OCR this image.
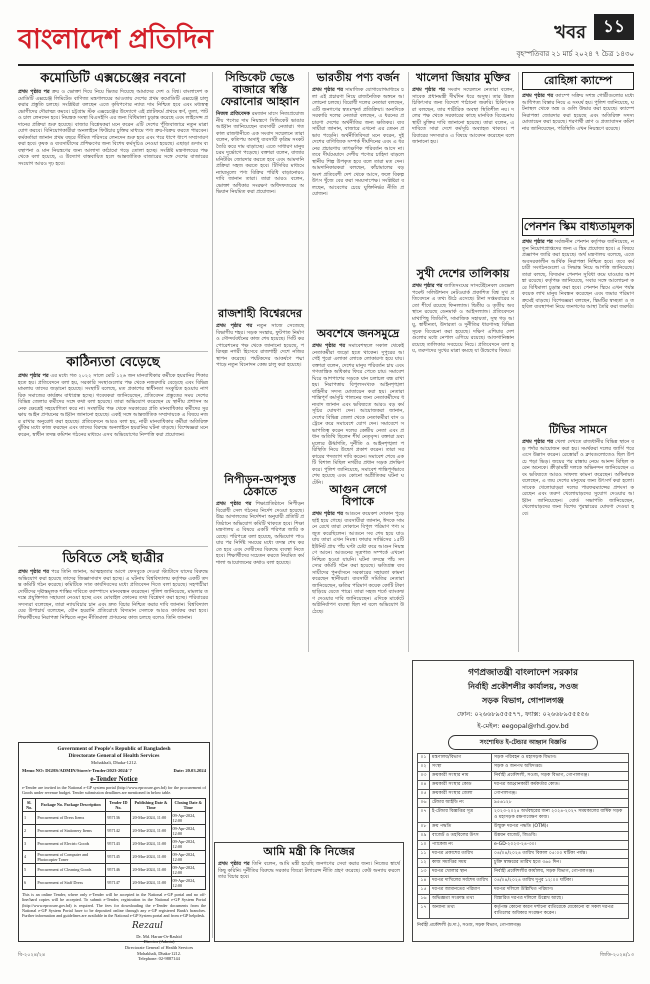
বাংলাদেশ প্রতিদিন	খবর ১১
বৃহস্পতিবার ২১ মার্চ ২০২৪ ৭ চৈত্র ১৪৩০
কমোডিটি এক্সচেঞ্জের নবনো
প্রথম পৃষ্ঠার পর ক্রয় ও ভোক্তা দিয়ে নিয়ে ভিতর দিয়েছে আমাদের দেশ ও বিশ্ব। বাংলাদেশ কমোডিটি এক্সচেঞ্জ লিমিটেড বাণিজ্য মন্ত্রণালয়ের আওতায় দেশের প্রথম কমোডিটি এক্সচেঞ্জ চালু করার প্রস্তুতি চলছে। সংশ্লিষ্টরা বলছেন এতে কৃষিপণ্যের ন্যায্য দাম নিশ্চিত হবে এবং মধ্যস্বত্বভোগীদের দৌরাত্ম্য কমবে। চট্টগ্রাম স্টক এক্সচেঞ্জের উদ্যোগে এই প্ল্যাটফর্মে প্রথমে স্বর্ণ, তুলা, পাট ও চাল লেনদেন হবে। নিয়ন্ত্রক সংস্থা বিএসইসি এর জন্য বিধিমালা চূড়ান্ত করেছে এবং লাইসেন্স প্রদানের প্রক্রিয়া শুরু হয়েছে। বাজার বিশ্লেষকরা মনে করেন এটি দেশের পুঁজিবাজারে নতুন মাত্রা যোগ করবে। বিনিয়োগকারীরা অনলাইনে ফিউচার চুক্তির মাধ্যমে পণ্য ক্রয়-বিক্রয় করতে পারবেন। কর্মকর্তারা জানান প্রথম বছরে সীমিত পরিসরে লেনদেন শুরু হবে এবং পরে ধাপে ধাপে সম্প্রসারণ করা হবে। কৃষক ও ব্যবসায়ীদের প্রশিক্ষণের জন্য বিশেষ কর্মসূচিও নেওয়া হয়েছে। এছাড়া গুদাম ব্যবস্থাপনা ও মান নিয়ন্ত্রণের জন্য আলাদা কাঠামো গড়ে তোলা হচ্ছে। সংশ্লিষ্ট মন্ত্রণালয়ের পক্ষ থেকে বলা হয়েছে, এ উদ্যোগ বাস্তবায়িত হলে আন্তর্জাতিক বাজারের সঙ্গে দেশের বাজারের সংযোগ আরও দৃঢ় হবে।
কাঠিন্যতা বেড়েছে
প্রথম পৃষ্ঠার পর এর মধ্যে গত ২০২২ সালে মোট ১২৬ জন মানবাধিকার কর্মীকে হয়রানির শিকার হতে হয়। প্রতিবেদনে বলা হয়, সরকারি সংস্থাগুলোর পক্ষ থেকে নজরদারি বেড়েছে এবং বিভিন্ন মামলায় তাদের জড়ানো হয়েছে। সংস্থাটি বলেছে, মত প্রকাশের স্বাধীনতা সংকুচিত হওয়ায় নাগরিক সমাজের কার্যক্রম বাধাগ্রস্ত হচ্ছে। গবেষকরা জানিয়েছেন, প্রতিবেদন প্রস্তুতের সময় দেশের বিভিন্ন জেলার কর্মীদের সঙ্গে কথা বলা হয়েছে। তারা অভিযোগ করেছেন যে স্থানীয় প্রশাসন অনেক ক্ষেত্রেই সহযোগিতা করে না। সংস্থাটির পক্ষ থেকে সরকারের প্রতি মানবাধিকার কর্মীদের সুরক্ষায় আইন প্রণয়নের আহ্বান জানানো হয়েছে। একই সঙ্গে আন্তর্জাতিক সম্প্রদায়কে এ বিষয়ে নজর রাখার অনুরোধ করা হয়েছে। প্রতিবেদনে আরও বলা হয়, নারী মানবাধিকার কর্মীরা অতিরিক্ত ঝুঁকির মধ্যে কাজ করছেন এবং তাদের বিরুদ্ধে অনলাইনে হয়রানির ঘটনা বাড়ছে। বিশেষজ্ঞরা মনে করেন, স্বাধীন তদন্ত কমিশন গঠনের মাধ্যমে এসব অভিযোগের নিষ্পত্তি করা প্রয়োজন।
ডিবিতে সেই ছাত্রীর
প্রথম পৃষ্ঠার পর পরে তিনি জানান, আত্মহত্যার আগে ফেসবুকে দেওয়া স্ট্যাটাসে যাদের বিরুদ্ধে অভিযোগ করা হয়েছে তাদের জিজ্ঞাসাবাদ করা হচ্ছে। এ ঘটনায় বিশ্ববিদ্যালয় কর্তৃপক্ষ একটি তদন্ত কমিটি গঠন করেছে। কমিটিকে সাত কার্যদিবসের মধ্যে প্রতিবেদন দিতে বলা হয়েছে। সহপাঠীরা দোষীদের দৃষ্টান্তমূলক শাস্তির দাবিতে ক্যাম্পাসে মানববন্ধন করেছেন। পুলিশ জানিয়েছে, মামলার তদন্তে প্রযুক্তিগত সহায়তা নেওয়া হচ্ছে এবং মোবাইল ফোনের তথ্য বিশ্লেষণ করা হচ্ছে। পরিবারের সদস্যরা বলেছেন, তারা ন্যায়বিচার চান এবং দ্রুত বিচার নিশ্চিত করার দাবি জানান। বিশ্ববিদ্যালয়ের উপাচার্য বলেছেন, যৌন হয়রানি প্রতিরোধে বিদ্যমান সেলকে আরও কার্যকর করা হবে। শিক্ষার্থীদের নিরাপত্তা নিশ্চিতে নতুন নীতিমালা প্রণয়নের কাজ চলছে বলেও তিনি জানান।
সিন্ডিকেট ভেঙে বাজারে স্বস্তি ফেরানোর আহ্বান
নিজস্ব প্রতিবেদক রমজান মাসে নিত্যপ্রয়োজনীয় পণ্যের দাম নিয়ন্ত্রণে সিন্ডিকেট ভাঙার আহ্বান জানিয়েছেন ব্যবসায়ী নেতারা। গতকাল রাজধানীতে এক সংবাদ সম্মেলনে তারা বলেন, কতিপয় অসাধু ব্যবসায়ী কৃত্রিম সংকট তৈরি করে দাম বাড়াচ্ছে। এতে সাধারণ মানুষ চরম দুর্ভোগে পড়েছে। বক্তারা বলেন, বাজার মনিটরিং জোরদার করতে হবে এবং আমদানি প্রক্রিয়া সহজ করতে হবে। টিসিবির মাধ্যমে ন্যায্যমূল্যে পণ্য বিক্রির পরিধি বাড়ানোরও দাবি জানান তারা। তারা আরও বলেন, ভোক্তা অধিকার সংরক্ষণ অধিদফতরের অভিযান নিয়মিত করা প্রয়োজন।
রাজশাহী বিশ্বেরদের
প্রথম পৃষ্ঠার পর নতুন সাজে সেজেছে বিভাগীয় শহর। সড়ক সংস্কার, ফুটপাত নির্মাণ ও সৌন্দর্যবর্ধনের কাজ শেষ হয়েছে। সিটি করপোরেশনের পক্ষ থেকে জানানো হয়েছে, পরিচ্ছন্ন নগরী হিসেবে রাজশাহী দেশে নজির স্থাপন করেছে। পর্যটকদের আকর্ষণে পদ্মা পাড়ে নতুন বিনোদন কেন্দ্র চালু করা হয়েছে।
নিপীড়ন-অপসুত্ত ঠেকাতে
প্রথম পৃষ্ঠার পর শিক্ষাপ্রতিষ্ঠানে নিপীড়নবিরোধী সেল গঠনের নির্দেশ দেওয়া হয়েছে। উচ্চ আদালতের নির্দেশনা অনুযায়ী প্রতিটি প্রতিষ্ঠানে অভিযোগ কমিটি থাকতে হবে। শিক্ষা মন্ত্রণালয় এ বিষয়ে একটি পরিপত্র জারি করেছে। পরিপত্রে বলা হয়েছে, অভিযোগ পাওয়ার পর নির্দিষ্ট সময়ের মধ্যে তদন্ত শেষ করতে হবে এবং দোষীদের বিরুদ্ধে ব্যবস্থা নিতে হবে। শিক্ষার্থীদের সচেতন করতে নিয়মিত কর্মশালা আয়োজনের কথাও বলা হয়েছে।
ভারতীয় পণ্য বর্জন
প্রথম পৃষ্ঠার পর সামাজিক যোগাযোগমাধ্যমে চলা এই প্রচারণা নিয়ে রাজনৈতিক অঙ্গনে আলোচনা চলছে। বিরোধী দলের নেতারা বলছেন, এটি জনগণের স্বতঃস্ফূর্ত প্রতিক্রিয়া। অন্যদিকে সরকারি দলের নেতারা বলছেন, এ ধরনের প্রচারণা দেশের অর্থনীতির জন্য ক্ষতিকর। ব্যবসায়ীরা জানান, বাজারে এখনো এর তেমন প্রভাব পড়েনি। অর্থনীতিবিদরা মনে করেন, দুই দেশের বাণিজ্যিক সম্পর্ক দীর্ঘদিনের এবং এ ধরনের প্রচারণায় তাৎক্ষণিক পরিবর্তন আসে না। তবে দীর্ঘমেয়াদে দেশীয় পণ্যের চাহিদা বাড়লে স্থানীয় শিল্প উপকৃত হবে বলে তারা মত দেন। আমদানিকারকরা বলছেন, কাঁচামালের বড় অংশ প্রতিবেশী দেশ থেকে আসে, ফলে বিকল্প উৎস খুঁজে বের করা সময়সাপেক্ষ। সংশ্লিষ্টরা বলছেন, আবেগের চেয়ে যুক্তিনির্ভর নীতি প্রয়োজন।
অবশেষে জনসমুদ্রে
প্রথম পৃষ্ঠার পর সমাবেশস্থলে সকাল থেকেই নেতাকর্মীরা জড়ো হতে থাকেন। দুপুরের আগেই পুরো এলাকা লোকে লোকারণ্য হয়ে যায়। বক্তারা বলেন, দেশের মানুষ পরিবর্তন চায় এবং গণতান্ত্রিক অধিকার ফিরে পেতে চায়। সমাবেশ ঘিরে আশপাশের সড়কে যান চলাচল বন্ধ রাখা হয়। নিরাপত্তায় বিপুলসংখ্যক আইনশৃঙ্খলা বাহিনীর সদস্য মোতায়েন করা হয়। নেতারা শান্তিপূর্ণ কর্মসূচি পালনের জন্য নেতাকর্মীদের ধন্যবাদ জানান এবং ভবিষ্যতে আরও বড় কর্মসূচির ঘোষণা দেন। আয়োজকরা জানান, দেশের বিভিন্ন জেলা থেকে নেতাকর্মীরা বাস ও ট্রেনে করে সমাবেশে যোগ দেন। সমাবেশে সভাপতিত্ব করেন দলের কেন্দ্রীয় নেতা এবং প্রধান অতিথি ছিলেন শীর্ষ নেতৃবৃন্দ। বক্তারা দ্রব্যমূল্যের ঊর্ধ্বগতি, দুর্নীতি ও আইনশৃঙ্খলা পরিস্থিতি নিয়ে উদ্বেগ প্রকাশ করেন। তারা সরকারের পদত্যাগ দাবি করেন। সমাবেশ শেষে একটি বিশাল মিছিল নগরীর প্রধান সড়ক প্রদক্ষিণ করে। পুলিশ জানিয়েছে, সমাবেশ শান্তিপূর্ণভাবে শেষ হয়েছে এবং কোনো অপ্রীতিকর ঘটনা ঘটেনি।
আগুন লেগে বিপাকে
প্রথম পৃষ্ঠার পর আগুনে কয়েকশ দোকান পুড়ে ছাই হয়ে গেছে। ব্যবসায়ীরা জানান, ঈদকে সামনে রেখে তারা দোকানে বিপুল পরিমাণ পণ্য মজুত করেছিলেন। আগুনে সব শেষ হয়ে যাওয়ায় তারা এখন নিঃস্ব। ফায়ার সার্ভিসের ১৫টি ইউনিট প্রায় পাঁচ ঘণ্টা চেষ্টা করে আগুন নিয়ন্ত্রণে আনে। আগুনের সূত্রপাত সম্পর্কে এখনো নিশ্চিত হওয়া যায়নি। ঘটনা তদন্তে পাঁচ সদস্যের কমিটি গঠন করা হয়েছে। ক্ষতিগ্রস্ত ব্যবসায়ীদের পুনর্বাসনে সরকারের সহায়তা কামনা করেছেন স্থানীয়রা। ব্যবসায়ী সমিতির নেতারা জানিয়েছেন, ক্ষতির পরিমাণ কয়েক কোটি টাকা ছাড়িয়ে যেতে পারে। তারা সহজ শর্তে ব্যাংকঋণ দেওয়ার দাবি জানিয়েছেন। এদিকে মার্কেটে অগ্নিনির্বাপণ ব্যবস্থা ছিল না বলে অভিযোগ উঠেছে।
খালেদা জিয়ার মুক্তির
প্রথম পৃষ্ঠার পর সংবাদ সম্মেলনে নেতারা বলেন, সাবেক প্রধানমন্ত্রী দীর্ঘদিন ধরে অসুস্থ। তার উন্নত চিকিৎসার জন্য বিদেশে পাঠানো জরুরি। চিকিৎসকরা বলছেন, তার শারীরিক অবস্থা স্থিতিশীল নয়। দলের পক্ষ থেকে সরকারের কাছে মানবিক বিবেচনায় স্থায়ী মুক্তির দাবি জানানো হয়েছে। তারা বলেন, এ দাবিতে সারা দেশে কর্মসূচি অব্যাহত থাকবে। পরিবারের সদস্যরাও এ বিষয়ে আবেদন করেছেন বলে জানানো হয়।
সুখী দেশের তালিকায়
প্রথম পৃষ্ঠার পর জাতিসংঘের সাসটেইনেবল ডেভেলপমেন্ট সলিউশনস নেটওয়ার্ক প্রকাশিত বিশ্ব সুখ প্রতিবেদনে এ তথ্য উঠে এসেছে। টানা সপ্তমবারের মতো শীর্ষে রয়েছে ফিনল্যান্ড। দ্বিতীয় ও তৃতীয় অবস্থানে রয়েছে ডেনমার্ক ও আইসল্যান্ড। প্রতিবেদনে মাথাপিছু জিডিপি, সামাজিক সহায়তা, সুস্থ গড় আয়ু, স্বাধীনতা, উদারতা ও দুর্নীতির ধারণাসহ বিভিন্ন সূচক বিবেচনা করা হয়েছে। দক্ষিণ এশিয়ার দেশগুলোর মধ্যে নেপাল এগিয়ে রয়েছে। আফগানিস্তান রয়েছে তালিকার সবচেয়ে নিচে। প্রতিবেদনে বলা হয়, তরুণদের সুখের মাত্রা কমছে যা উদ্বেগের বিষয়।
রোহিঙ্গা ক্যাম্পে
প্রথম পৃষ্ঠার পর ক্যাম্পে সক্রিয় সশস্ত্র গোষ্ঠীগুলোর মধ্যে আধিপত্য বিস্তার নিয়ে এ সংঘর্ষ হয়। পুলিশ জানিয়েছে, ঘটনাস্থল থেকে অস্ত্র ও গুলি উদ্ধার করা হয়েছে। ক্যাম্পে নিরাপত্তা জোরদার করা হয়েছে এবং অতিরিক্ত সদস্য মোতায়েন করা হয়েছে। শরণার্থী ত্রাণ ও প্রত্যাবাসন কমিশনার জানিয়েছেন, পরিস্থিতি এখন নিয়ন্ত্রণে রয়েছে।
পেনশন স্কিম বাধ্যতামূলক
প্রথম পৃষ্ঠার পর সর্বজনীন পেনশন কর্তৃপক্ষ জানিয়েছে, নতুন নিয়োগপ্রাপ্তদের জন্য এ স্কিম প্রযোজ্য হবে। এ বিষয়ে প্রজ্ঞাপন জারি করা হয়েছে। অর্থ মন্ত্রণালয় বলেছে, এতে অবসরকালীন আর্থিক নিরাপত্তা নিশ্চিত হবে। তবে কর্মচারী সংগঠনগুলো এ সিদ্ধান্ত নিয়ে আপত্তি জানিয়েছে। তারা বলছে, বিদ্যমান পেনশন সুবিধা কমে যাওয়ার আশঙ্কা রয়েছে। কর্তৃপক্ষ জানিয়েছে, সবার সঙ্গে আলোচনা করে বিধিমালা চূড়ান্ত করা হবে। পেনশন স্কিমে এখন পর্যন্ত কয়েক লাখ মানুষ নিবন্ধন করেছেন এবং জমার পরিমাণ ক্রমেই বাড়ছে। বিশেষজ্ঞরা বলছেন, স্কিমটির স্বচ্ছতা ও তহবিল ব্যবস্থাপনা নিয়ে জনগণের আস্থা তৈরি করা জরুরি।
টিভির সামনে
প্রথম পৃষ্ঠার পর খেলা দেখতে রাজধানীর বিভিন্ন স্থানে বড় পর্দার আয়োজন করা হয়। সমর্থকরা দলের জার্সি পরে এসে উল্লাস করেন। রেস্তোরাঁ ও ক্লাবগুলোতেও ছিল উপচে পড়া ভিড়। জয়ের পর রাস্তায় নেমে আনন্দ মিছিল করেন অনেকে। ক্রীড়ামন্ত্রী দলকে অভিনন্দন জানিয়েছেন এবং ভবিষ্যতে আরও সাফল্য কামনা করেছেন। অধিনায়ক বলেছেন, এ জয় দেশের মানুষের জন্য উৎসর্গ করা হলো। সাবেক খেলোয়াড়রা দলের পারফরম্যান্সের প্রশংসা করেছেন এবং তরুণ খেলোয়াড়দের সুযোগ দেওয়ার আহ্বান জানিয়েছেন। বোর্ড সভাপতি জানিয়েছেন, খেলোয়াড়দের জন্য বিশেষ পুরস্কারের ঘোষণা দেওয়া হবে।
Government of People's Republic of Bangladesh
Directorate General of Health Services
Mohakhali, Dhaka-1212.
Memo NO: DGHS/ADMIN/Store/e-Tender/2023-2024/ 7	Date: 20.03.2024
e-Tender Notice
e-Tender are invited in the National e-GP system portal (http://www.eprocure.gov.bd) for the procurement of Goods under revenue budget. Tender submission deadlines are mentioned in below table.
Sl. No.	Package No. Package Description	Tender ID No.	Publishing Date & Time	Closing Date & Time
1	Procurement of Dress Items	957136	20-Mar-2024, 11:00	09-Apr-2024, 12:00
2	Procurement of Stationery Items	957142	20-Mar-2024, 11:00	09-Apr-2024, 12:00
3	Procurement of Electric Goods	957143	20-Mar-2024, 11:00	09-Apr-2024, 12:00
4	Procurement of Computer and Photocopier Toner	957145	20-Mar-2024, 11:00	09-Apr-2024, 12:00
5	Procurement of Cleaning Goods	957146	20-Mar-2024, 11:00	09-Apr-2024, 12:00
6	Procurement of Staff Dress	957147	20-Mar-2024, 11:00	09-Apr-2024, 12:00
This is an online Tender, where only e-Tender will be accepted in the National e-GP portal and no off-line/hard copies will be accepted. To submit e-Tender, registration in the National e-GP System Portal (http://www.eprocure.gov.bd) is required. The fees for downloading the e-Tender documents from the National e-GP System Portal have to be deposited online through any e-GP registered Bank's branches. Further information and guidelines are available in the National e-GP System portal and from e-GP helpdesk.
Rezaul
Dr. Md. Harun-Or-Rashid
Director (Admin)
Directorate General of Health Services
Mohakhali, Dhaka-1212.
Telephone: 02-9887144
আমি মন্ত্রী কি নিজের
প্রথম পৃষ্ঠার পর তিনি বলেন, আমি মন্ত্রী হয়েছি জনগণের সেবা করার জন্য। নিজের স্বার্থে কিছু করিনি। দুর্নীতির বিরুদ্ধে সরকার জিরো টলারেন্স নীতি গ্রহণ করেছে। কেউ অন্যায় করলে তার বিচার হবে।
গণপ্রজাতন্ত্রী বাংলাদেশ সরকার
নির্বাহী প্রকৌশলীর কার্যালয়, সওজ
সড়ক বিভাগ, গোপালগঞ্জ
ফোন: ০২৬৬৮৯৫৫৫৭৭, ফ্যাক্স: ০২৬৬৮৯৫৫৫৫৬
ই-মেইল: eegopal@rhd.gov.bd
সংশোধিত ই-টেন্ডার আহ্বান বিজ্ঞপ্তি
০১	মন্ত্রণালয়/বিভাগ	সড়ক পরিবহন ও মহাসড়ক বিভাগ।
০২	সংস্থা	সড়ক ও জনপথ অধিদপ্তর।
০৩	ক্রয়কারী সংস্থার নাম	নির্বাহী প্রকৌশলী, সওজ, সড়ক বিভাগ, গোপালগঞ্জ।
০৪	ক্রয়কারী সংস্থার কোড	দরপত্র আহ্বানকারী কর্মকর্তার কোড।
০৫	ক্রয়কারী সংস্থার জেলা	গোপালগঞ্জ।
০৬	টেন্ডার আইডি নং	৯৫৬১২৮
০৭	ই-টেন্ডার বিজ্ঞপ্তির সূত্র	২০২৩-২০২৪ অর্থবছরের জন্য ২০২৪-২০২৭ সময়কালের বার্ষিক সড়ক ও মহাসড়ক রক্ষণাবেক্ষণ কাজ।
০৮	ক্রয় পদ্ধতি	উন্মুক্ত দরপত্র পদ্ধতি (OTM)।
০৯	বাজেট ও তহবিলের উৎস	উন্নয়ন বাজেট, জিওবি।
১০	প্যাকেজ নং	e-GD-২০২৩-২৪-৩০।
১১	দরপত্র প্রকাশের তারিখ	০৪/০৪/২০২৪ তারিখ বিকাল ০৫:০০ ঘটিকা পর্যন্ত।
১২	কাজ সমাপ্তির সময়	চুক্তি স্বাক্ষরের তারিখ হতে ৩৬৫ দিন।
১৩	দরপত্র খোলার স্থান	নির্বাহী প্রকৌশলীর কার্যালয়, সড়ক বিভাগ, গোপালগঞ্জ।
১৪	দরপত্র দাখিলের সর্বশেষ তারিখ	০৪/০৪/২০২৪ তারিখ দুপুর ১২:০০ ঘটিকা।
১৫	দরপত্র জামানতের পরিমাণ	দরপত্র দলিলে উল্লিখিত পরিমাণ।
১৬	অভিজ্ঞতা সংক্রান্ত তথ্য	বিস্তারিত দরপত্র দলিলে উল্লেখ আছে।
১৭	অন্যান্য তথ্য	কর্তৃপক্ষ কোনো কারণ দর্শানো ব্যতিরেকে যেকোনো বা সকল দরপত্র বাতিলের অধিকার সংরক্ষণ করেন।
নির্বাহী প্রকৌশলী (চ.দা.), সওজ, সড়ক বিভাগ, গোপালগঞ্জ।
বি-২০২৪/২৪	জিডি-২০২৪/১৩
